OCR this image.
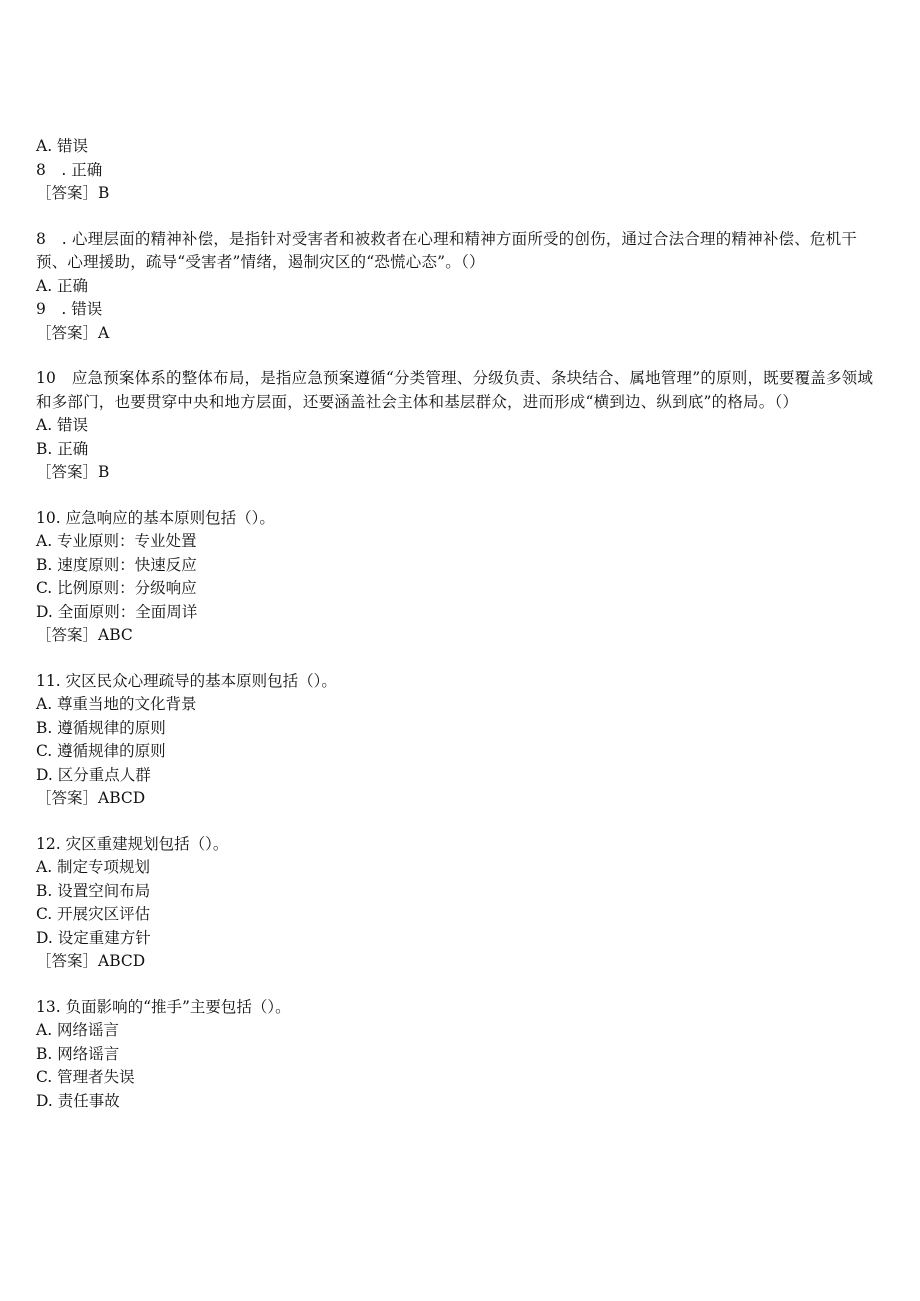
A. 错误
8　. 正确
［答案］B
8　. 心理层面的精神补偿，是指针对受害者和被救者在心理和精神方面所受的创伤，通过合法合理的精神补偿、危机干预、心理援助，疏导“受害者”情绪，遏制灾区的“恐慌心态”。（）
A. 正确
9　. 错误
［答案］A
10　应急预案体系的整体布局，是指应急预案遵循“分类管理、分级负责、条块结合、属地管理”的原则，既要覆盖多领域和多部门，也要贯穿中央和地方层面，还要涵盖社会主体和基层群众，进而形成“横到边、纵到底”的格局。（）
A. 错误
B. 正确
［答案］B
10. 应急响应的基本原则包括（）。
A. 专业原则：专业处置
B. 速度原则：快速反应
C. 比例原则：分级响应
D. 全面原则：全面周详
［答案］ABC
11. 灾区民众心理疏导的基本原则包括（）。
A. 尊重当地的文化背景
B. 遵循规律的原则
C. 遵循规律的原则
D. 区分重点人群
［答案］ABCD
12. 灾区重建规划包括（）。
A. 制定专项规划
B. 设置空间布局
C. 开展灾区评估
D. 设定重建方针
［答案］ABCD
13. 负面影响的“推手”主要包括（）。
A. 网络谣言
B. 网络谣言
C. 管理者失误
D. 责任事故
